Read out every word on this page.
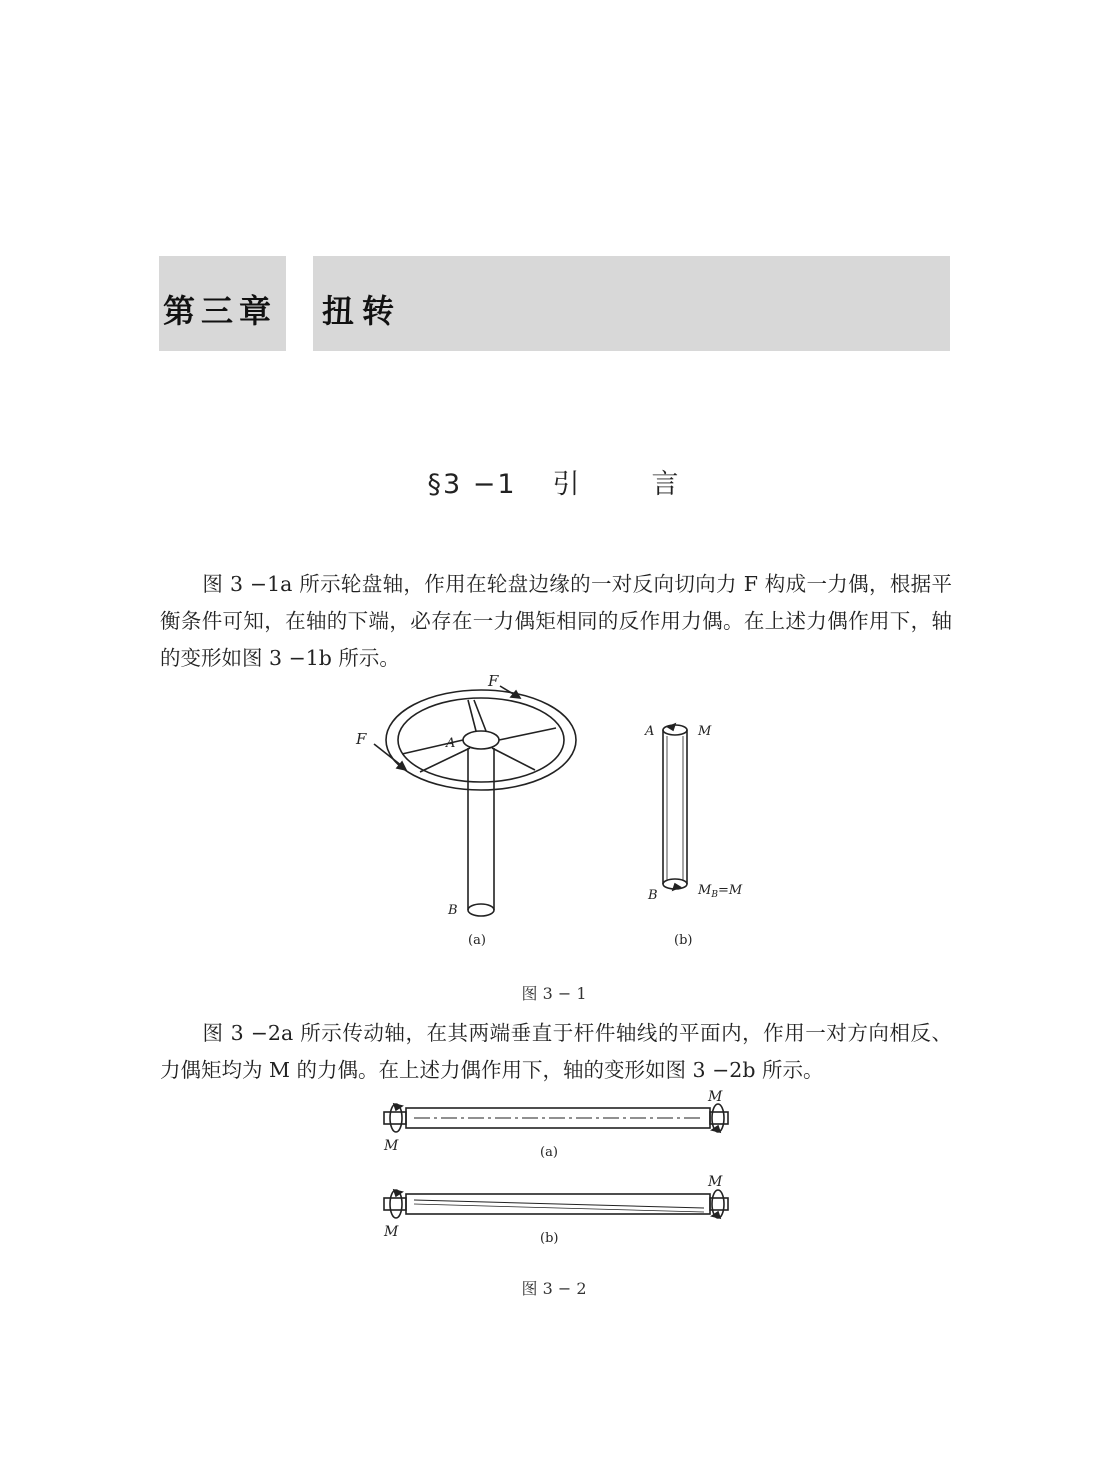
第三章 扭转
§3 −1 引	言
图 3 −1a 所示轮盘轴，作用在轮盘边缘的一对反向切向力 F 构成一力偶，根据平衡条件可知，在轴的下端，必存在一力偶矩相同的反作用力偶。在上述力偶作用下，轴的变形如图 3 −1b 所示。
F
F	A
B
(a)
A	M
B	$M_B=M$
(b)
图 3 − 1
图 3 −2a 所示传动轴，在其两端垂直于杆件轴线的平面内，作用一对方向相反、力偶矩均为 M 的力偶。在上述力偶作用下，轴的变形如图 3 −2b 所示。
M
M
(a)
M
M
(b)
图 3 − 2
